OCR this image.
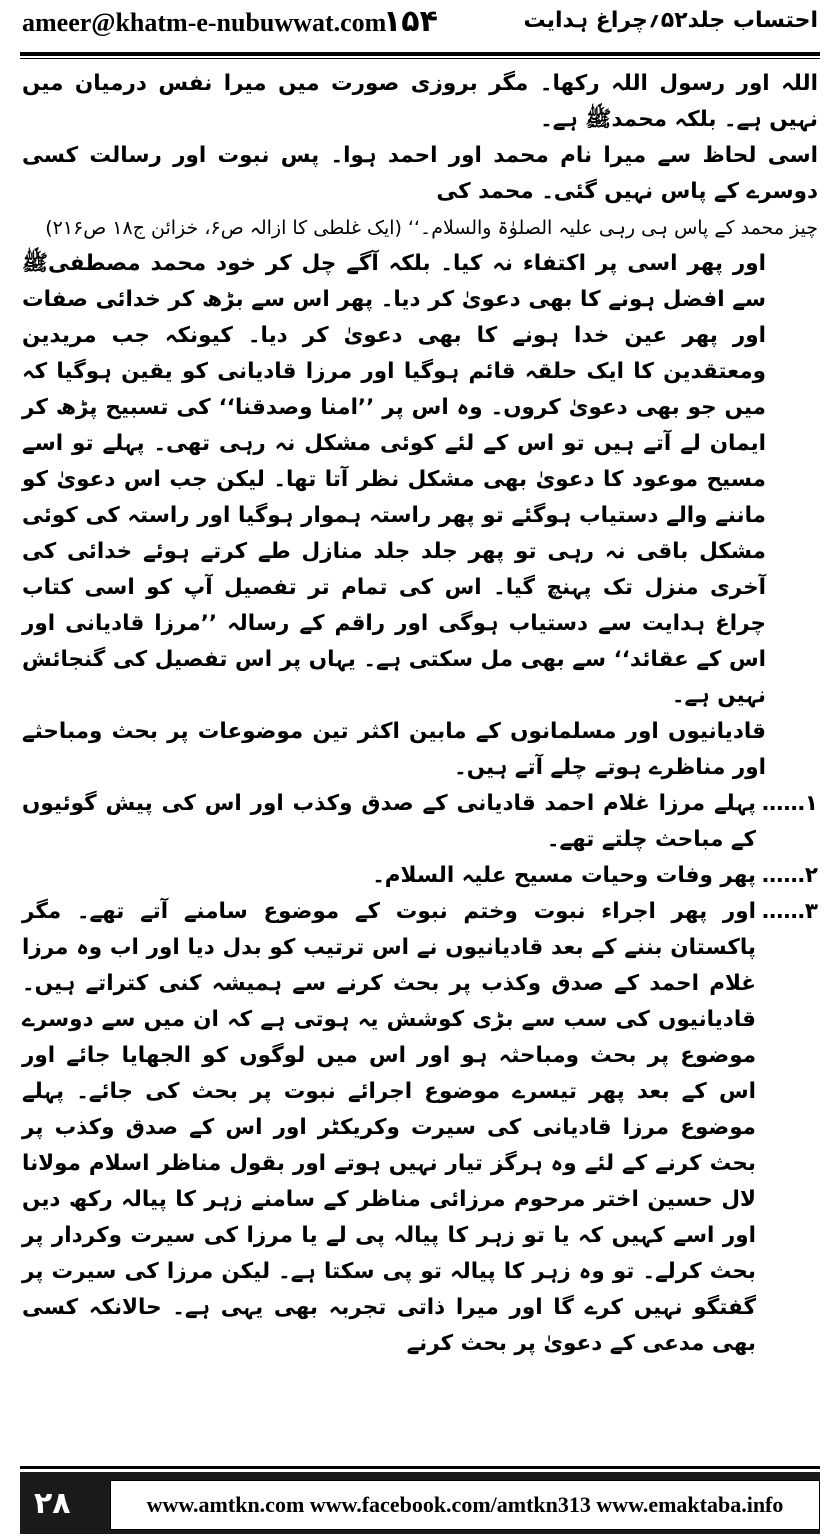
ameer@khatm-e-nubuwwat.com
۱۵۴	احتساب جلد۵۲؍چراغ ہدایت

اللہ اور رسول اللہ رکھا۔ مگر بروزی صورت میں میرا نفس درمیان میں نہیں ہے۔ بلکہ محمدﷺ ہے۔

اسی لحاظ سے میرا نام محمد اور احمد ہوا۔ پس نبوت اور رسالت کسی دوسرے کے پاس نہیں گئی۔ محمد کی

چیز محمد کے پاس ہی رہی علیہ الصلوٰۃ والسلام۔‘‘ (ایک غلطی کا ازالہ ص۶، خزائن ج۱۸ ص۲۱۶)

اور پھر اسی پر اکتفاء نہ کیا۔ بلکہ آگے چل کر خود محمد مصطفیﷺ سے افضل ہونے کا بھی دعویٰ کر دیا۔ پھر اس سے بڑھ کر خدائی صفات اور پھر عین خدا ہونے کا بھی دعویٰ کر دیا۔ کیونکہ جب مریدین ومعتقدین کا ایک حلقہ قائم ہوگیا اور مرزا قادیانی کو یقین ہوگیا کہ میں جو بھی دعویٰ کروں۔ وہ اس پر ’’امنا وصدقنا‘‘ کی تسبیح پڑھ کر ایمان لے آتے ہیں تو اس کے لئے کوئی مشکل نہ رہی تھی۔ پہلے تو اسے مسیح موعود کا دعویٰ بھی مشکل نظر آتا تھا۔ لیکن جب اس دعویٰ کو ماننے والے دستیاب ہوگئے تو پھر راستہ ہموار ہوگیا اور راستہ کی کوئی مشکل باقی نہ رہی تو پھر جلد جلد منازل طے کرتے ہوئے خدائی کی آخری منزل تک پہنچ گیا۔ اس کی تمام تر تفصیل آپ کو اسی کتاب چراغ ہدایت سے دستیاب ہوگی اور راقم کے رسالہ ’’مرزا قادیانی اور اس کے عقائد‘‘ سے بھی مل سکتی ہے۔ یہاں پر اس تفصیل کی گنجائش نہیں ہے۔

قادیانیوں اور مسلمانوں کے مابین اکثر تین موضوعات پر بحث ومباحثے اور مناظرے ہوتے چلے آتے ہیں۔

۱……
پہلے مرزا غلام احمد قادیانی کے صدق وکذب اور اس کی پیش گوئیوں کے مباحث چلتے تھے۔
۲……
پھر وفات وحیات مسیح علیہ السلام۔
۳……
اور پھر اجراء نبوت وختم نبوت کے موضوع سامنے آتے تھے۔ مگر پاکستان بننے کے بعد قادیانیوں نے اس ترتیب کو بدل دیا اور اب وہ مرزا غلام احمد کے صدق وکذب پر بحث کرنے سے ہمیشہ کنی کتراتے ہیں۔ قادیانیوں کی سب سے بڑی کوشش یہ ہوتی ہے کہ ان میں سے دوسرے موضوع پر بحث ومباحثہ ہو اور اس میں لوگوں کو الجھایا جائے اور اس کے بعد پھر تیسرے موضوع اجرائے نبوت پر بحث کی جائے۔ پہلے موضوع مرزا قادیانی کی سیرت وکریکٹر اور اس کے صدق وکذب پر بحث کرنے کے لئے وہ ہرگز تیار نہیں ہوتے اور بقول مناظر اسلام مولانا لال حسین اختر مرحوم مرزائی مناظر کے سامنے زہر کا پیالہ رکھ دیں اور اسے کہیں کہ یا تو زہر کا پیالہ پی لے یا مرزا کی سیرت وکردار پر بحث کرلے۔ تو وہ زہر کا پیالہ تو پی سکتا ہے۔ لیکن مرزا کی سیرت پر گفتگو نہیں کرے گا اور میرا ذاتی تجربہ بھی یہی ہے۔ حالانکہ کسی بھی مدعی کے دعویٰ پر بحث کرنے
۲۸	www.amtkn.com www.facebook.com/amtkn313 www.emaktaba.info
